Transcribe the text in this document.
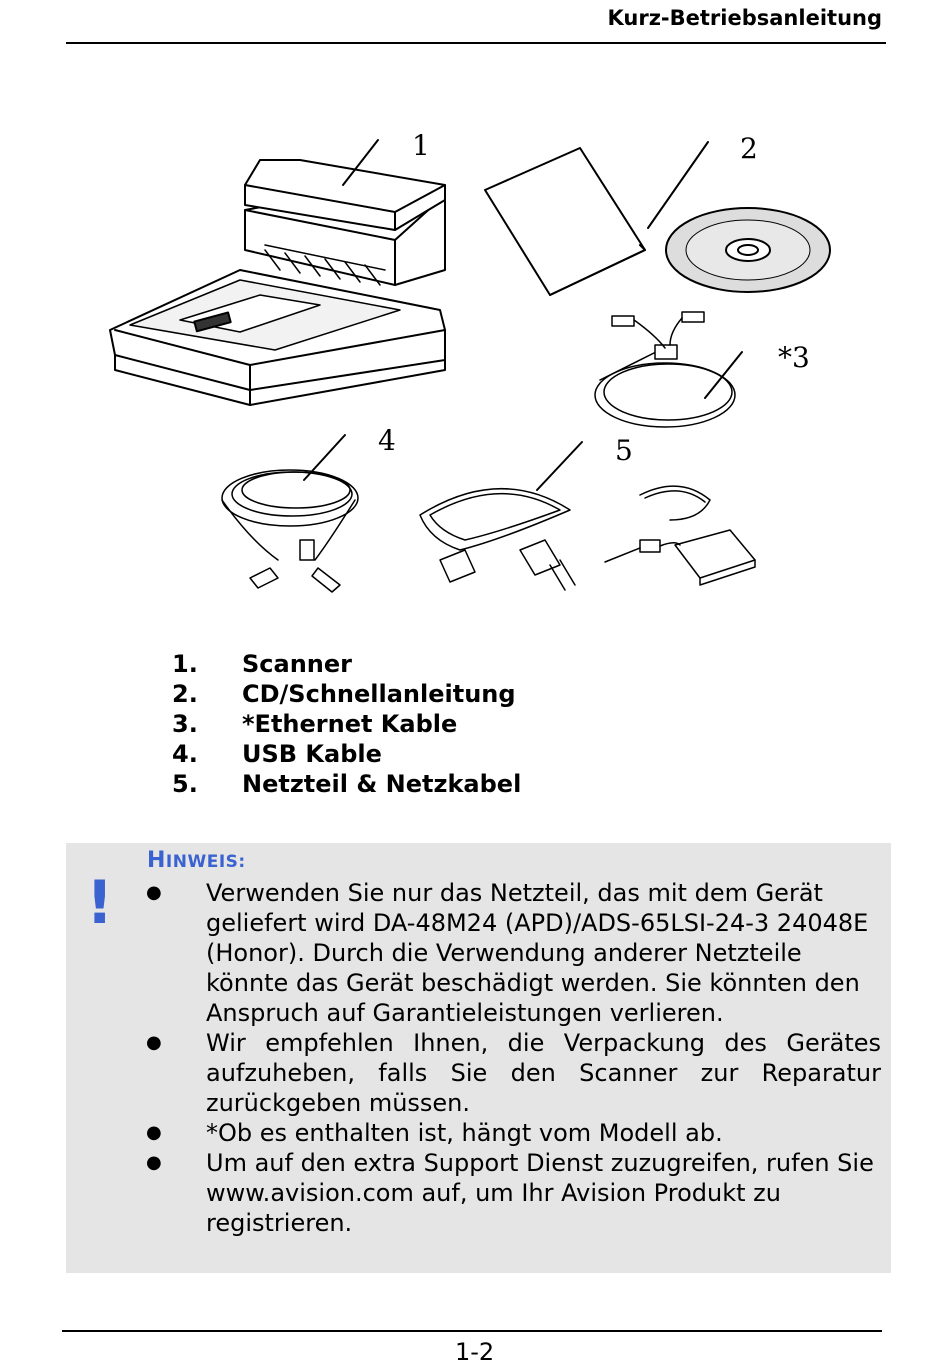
Kurz-Betriebsanleitung
1	2
*3
4	5
1. Scanner
2. CD/Schnellanleitung
3. *Ethernet Kable
4. USB Kable
5. Netzteil & Netzkabel
!
HINWEIS:
● Verwenden Sie nur das Netzteil, das mit dem Gerät geliefert wird DA-48M24 (APD)/ADS-65LSI-24-3 24048E (Honor). Durch die Verwendung anderer Netzteile könnte das Gerät beschädigt werden. Sie könnten den Anspruch auf Garantieleistungen verlieren.
● Wir empfehlen Ihnen, die Verpackung des Gerätes aufzuheben, falls Sie den Scanner zur Reparatur zurückgeben müssen.
● *Ob es enthalten ist, hängt vom Modell ab.
● Um auf den extra Support Dienst zuzugreifen, rufen Sie www.avision.com auf, um Ihr Avision Produkt zu registrieren.
1-2
